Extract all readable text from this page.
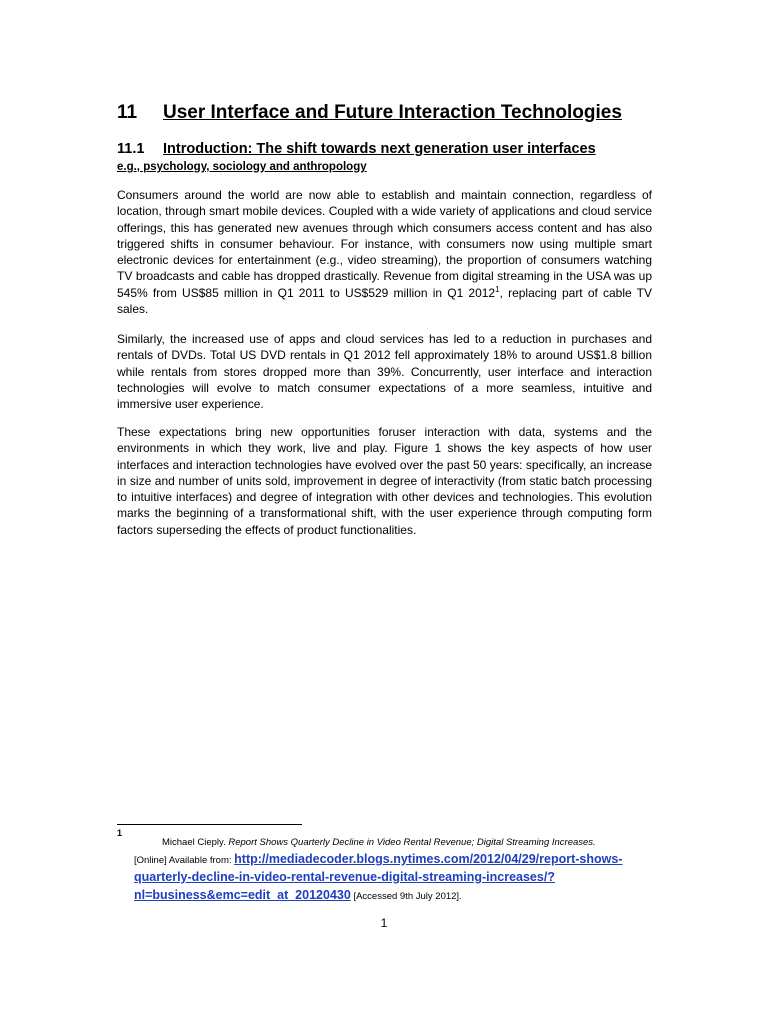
11 User Interface and Future Interaction Technologies
11.1 Introduction: The shift towards next generation user interfaces
e.g., psychology, sociology and anthropology

Consumers around the world are now able to establish and maintain connection, regardless of location, through smart mobile devices. Coupled with a wide variety of applications and cloud service offerings, this has generated new avenues through which consumers access content and has also triggered shifts in consumer behaviour. For instance, with consumers now using multiple smart electronic devices for entertainment (e.g., video streaming), the proportion of consumers watching TV broadcasts and cable has dropped drastically. Revenue from digital streaming in the USA was up 545% from US$85 million in Q1 2011 to US$529 million in Q1 2012$^1$, replacing part of cable TV sales.

Similarly, the increased use of apps and cloud services has led to a reduction in purchases and rentals of DVDs. Total US DVD rentals in Q1 2012 fell approximately 18% to around US$1.8 billion while rentals from stores dropped more than 39%. Concurrently, user interface and interaction technologies will evolve to match consumer expectations of a more seamless, intuitive and immersive user experience.

These expectations bring new opportunities foruser interaction with data, systems and the environments in which they work, live and play. Figure 1 shows the key aspects of how user interfaces and interaction technologies have evolved over the past 50 years: specifically, an increase in size and number of units sold, improvement in degree of interactivity (from static batch processing to intuitive interfaces) and degree of integration with other devices and technologies. This evolution marks the beginning of a transformational shift, with the user experience through computing form factors superseding the effects of product functionalities.

1
Michael Cieply. Report Shows Quarterly Decline in Video Rental Revenue; Digital Streaming Increases.
[Online] Available from: http://mediadecoder.blogs.nytimes.com/2012/04/29/report-shows-quarterly-decline-in-video-rental-revenue-digital-streaming-increases/?nl=business&emc=edit_at_20120430 [Accessed 9th July 2012].
1
